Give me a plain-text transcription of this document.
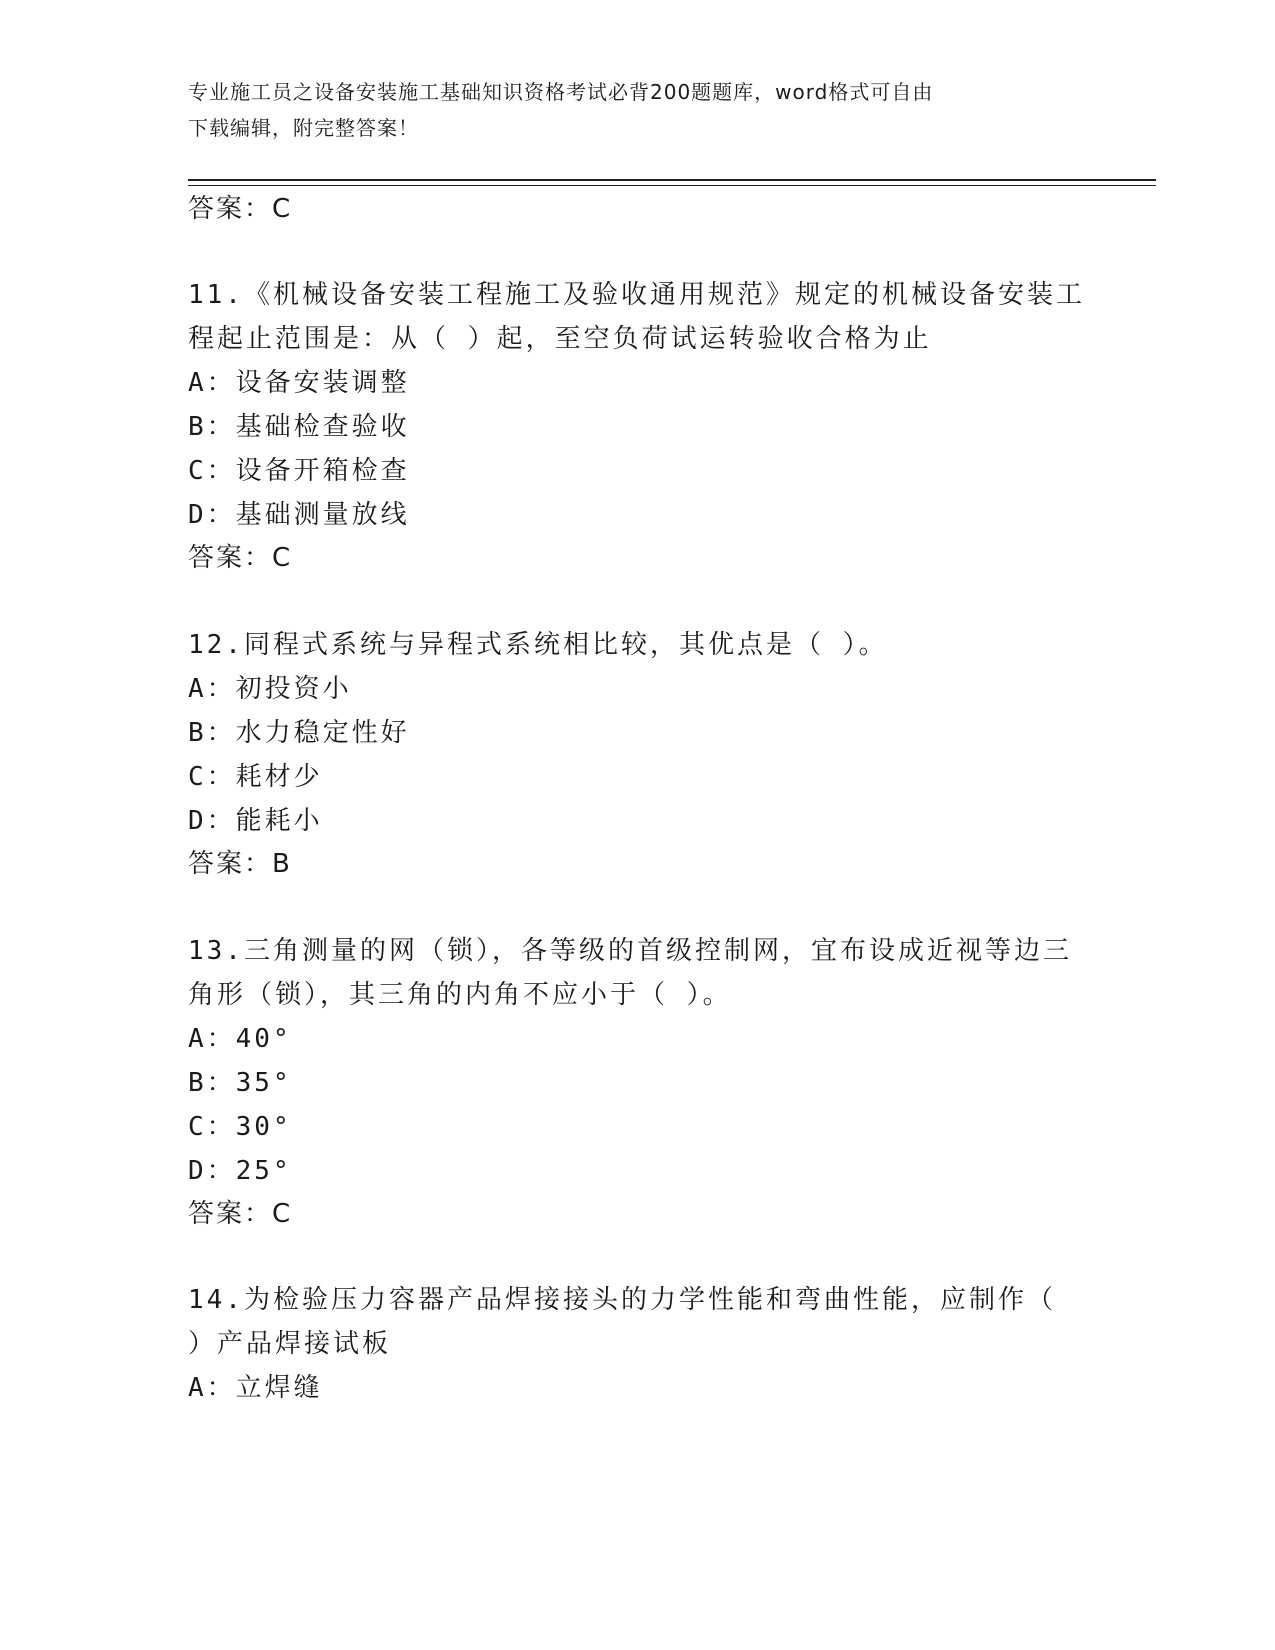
专业施工员之设备安装施工基础知识资格考试必背200题题库，word格式可自由
下载编辑，附完整答案！
答案：C
11.《机械设备安装工程施工及验收通用规范》规定的机械设备安装工
程起止范围是：从（ ）起，至空负荷试运转验收合格为止
A：设备安装调整
B：基础检查验收
C：设备开箱检查
D：基础测量放线
答案：C
12.同程式系统与异程式系统相比较，其优点是（ ）。
A：初投资小
B：水力稳定性好
C：耗材少
D：能耗小
答案：B
13.三角测量的网（锁），各等级的首级控制网，宜布设成近视等边三
角形（锁），其三角的内角不应小于（ ）。
A：40°
B：35°
C：30°
D：25°
答案：C
14.为检验压力容器产品焊接接头的力学性能和弯曲性能，应制作（
）产品焊接试板
A：立焊缝
